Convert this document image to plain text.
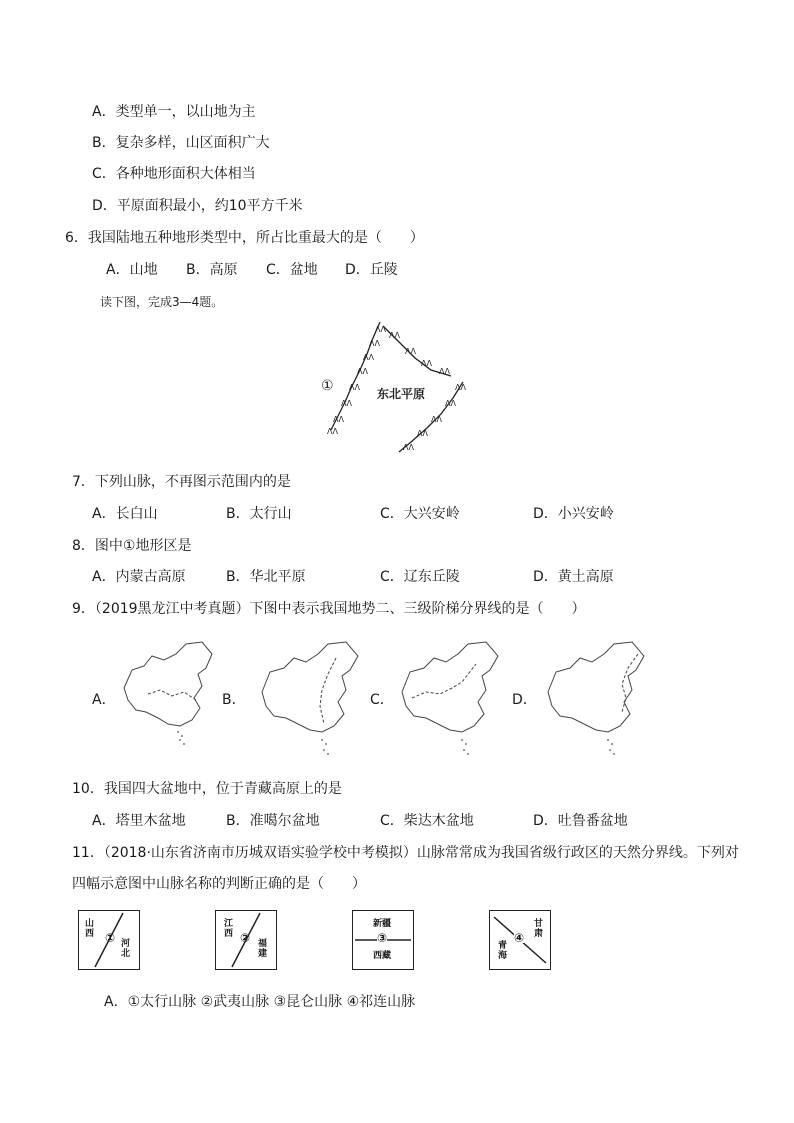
A．类型单一，以山地为主
B．复杂多样，山区面积广大
C．各种地形面积大体相当
D．平原面积最小，约10平方千米
6．我国陆地五种地形类型中，所占比重最大的是（　　）
A．山地 B．高原 C．盆地 D．丘陵
读下图，完成3—4题。
ΛΛ
ΛΛ
ΛΛ
ΛΛ
ΛΛ
ΛΛ
ΛΛ
ΛΛ
ΛΛ
ΛΛ
ΛΛ
ΛΛ
ΛΛ
ΛΛ
ΛΛ
ΛΛ
ΛΛ
①	东北平原
7．下列山脉，不再图示范围内的是
A．长白山	B．太行山	C．大兴安岭	D．小兴安岭
8．图中①地形区是
A．内蒙古高原	B．华北平原	C．辽东丘陵	D．黄土高原
9．（2019黑龙江中考真题）下图中表示我国地势二、三级阶梯分界线的是（　　）
A．	B．	C．	D．
10．我国四大盆地中，位于青藏高原上的是
A．塔里木盆地	B．准噶尔盆地	C．柴达木盆地	D．吐鲁番盆地
11．（2018·山东省济南市历城双语实验学校中考模拟）山脉常常成为我国省级行政区的天然分界线。下列对
四幅示意图中山脉名称的判断正确的是（　　）
山西 ① 河北
江西 ② 福建
新疆
③
西藏
甘肃
④
青海
A．①太行山脉 ②武夷山脉 ③昆仑山脉 ④祁连山脉
